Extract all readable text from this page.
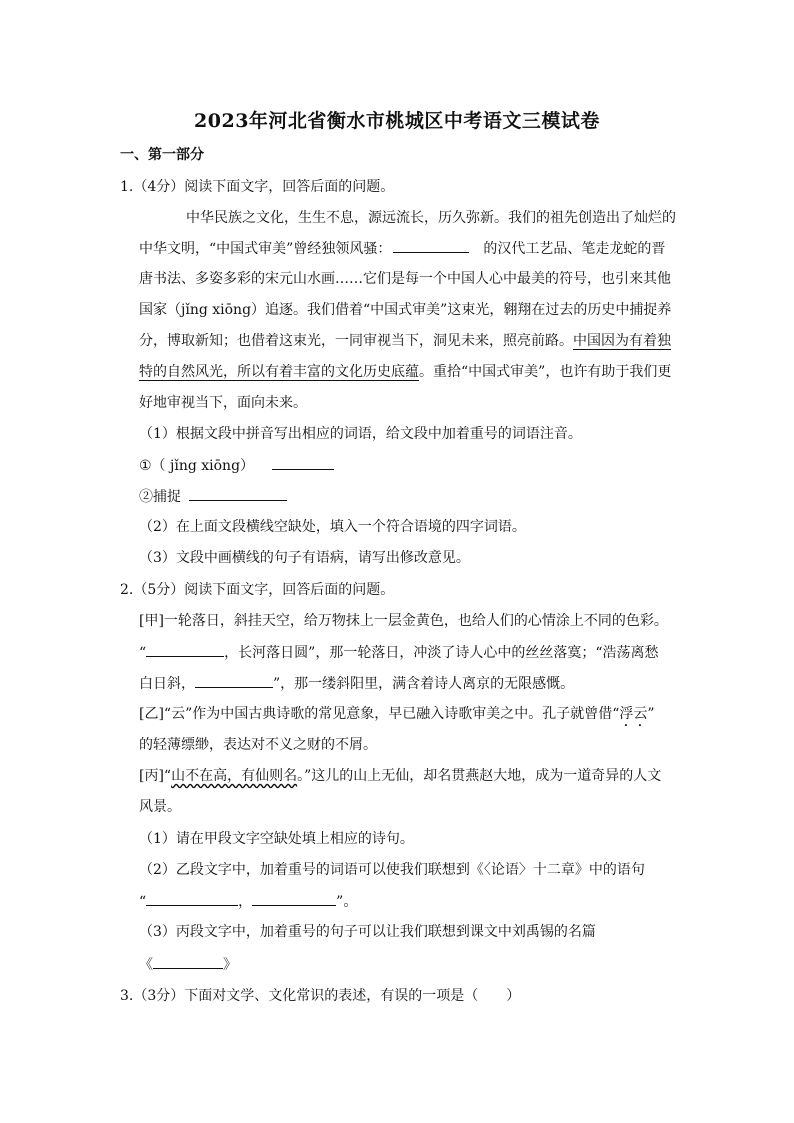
2023年河北省衡水市桃城区中考语文三模试卷
一、第一部分
1.（4分）阅读下面文字，回答后面的问题。
中华民族之文化，生生不息，源远流长，历久弥新。我们的祖先创造出了灿烂的
中华文明，“中国式审美”曾经独领风骚：	的汉代工艺品、笔走龙蛇的晋
唐书法、多姿多彩的宋元山水画……它们是每一个中国人心中最美的符号，也引来其他
国家（jǐng xiōng）追逐。我们借着“中国式审美”这束光，翱翔在过去的历史中捕捉养
分，博取新知；也借着这束光，一同审视当下，洞见未来，照亮前路。中国因为有着独
特的自然风光，所以有着丰富的文化历史底蕴。重拾“中国式审美”，也许有助于我们更
好地审视当下，面向未来。
（1）根据文段中拼音写出相应的词语，给文段中加着重号的词语注音。
①（ jǐng xiōng）
②捕捉
（2）在上面文段横线空缺处，填入一个符合语境的四字词语。
（3）文段中画横线的句子有语病，请写出修改意见。
2.（5分）阅读下面文字，回答后面的问题。
[甲]一轮落日，斜挂天空，给万物抹上一层金黄色，也给人们的心情涂上不同的色彩。
“	，长河落日圆”，那一轮落日，冲淡了诗人心中的丝丝落寞；“浩荡离愁
白日斜，	”，那一缕斜阳里，满含着诗人离京的无限感慨。
[乙]“云”作为中国古典诗歌的常见意象，早已融入诗歌审美之中。孔子就曾借“浮云”
的轻薄缥缈，表达对不义之财的不屑。
[丙]“山不在高，有仙则名。”这儿的山上无仙，却名贯燕赵大地，成为一道奇异的人文
风景。
（1）请在甲段文字空缺处填上相应的诗句。
（2）乙段文字中，加着重号的词语可以使我们联想到《〈论语〉十二章》中的语句
“	，	”。
（3）丙段文字中，加着重号的句子可以让我们联想到课文中刘禹锡的名篇
《	》
3.（3分）下面对文学、文化常识的表述，有误的一项是（　　）
